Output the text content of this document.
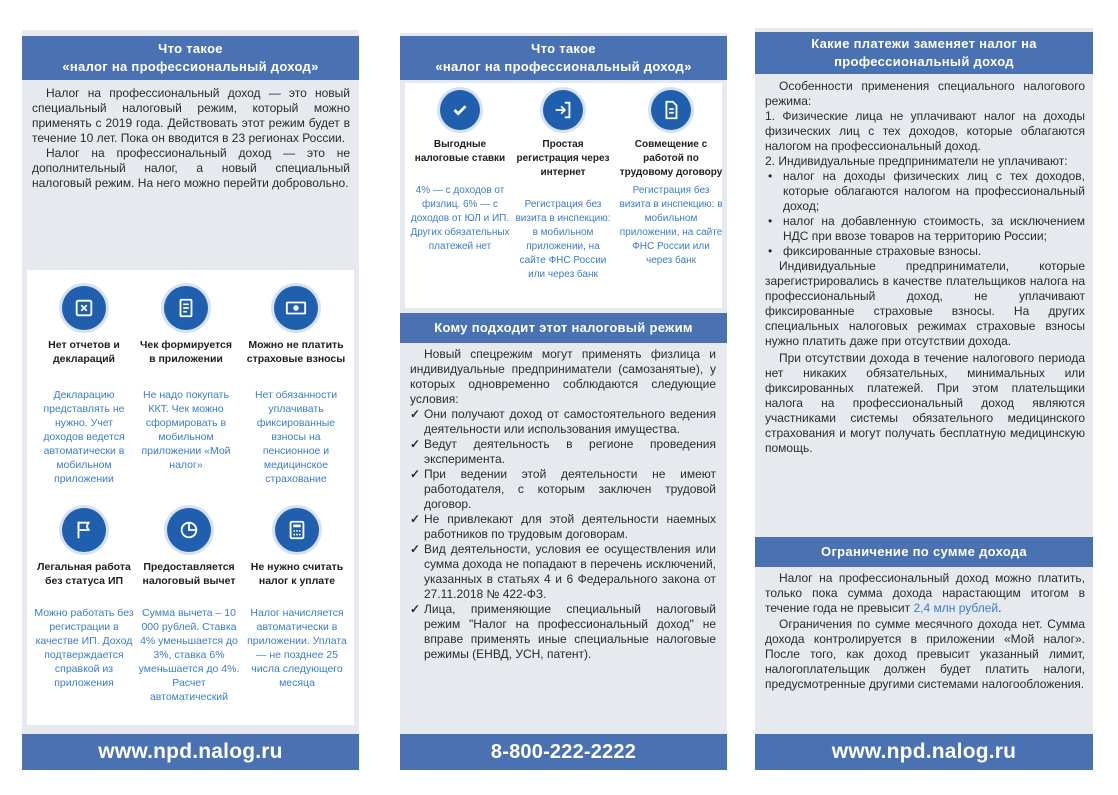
Что такое
«налог на профессиональный доход»

Налог на профессиональный доход — это новый специальный налоговый режим, который можно применять с 2019 года. Действовать этот режим будет в течение 10 лет. Пока он вводится в 23 регионах России.

Налог на профессиональный доход — это не дополнительный налог, а новый специальный налоговый режим. На него можно перейти добровольно.

Нет отчетов и деклараций
Декларацию представлять не нужно. Учет доходов ведется автоматически в мобильном приложении
Чек формируется в приложении
Не надо покупать ККТ. Чек можно сформировать в мобильном приложении «Мой налог»
Можно не платить страховые взносы
Нет обязанности уплачивать фиксированные взносы на пенсионное и медицинское страхование
Легальная работа без статуса ИП
Можно работать без регистрации в качестве ИП. Доход подтверждается справкой из приложения
Предоставляется налоговый вычет
Сумма вычета – 10 000 рублей. Ставка 4% уменьшается до 3%, ставка 6% уменьшается до 4%. Расчет автоматический
Не нужно считать налог к уплате
Налог начисляется автоматически в приложении. Уплата — не позднее 25 числа следующего месяца
www.npd.nalog.ru
Что такое
«налог на профессиональный доход»
Выгодные налоговые ставки
4% — с доходов от физлиц. 6% — с доходов от ЮЛ и ИП. Других обязательных платежей нет
Простая регистрация через интернет
Регистрация без визита в инспекцию: в мобильном приложении, на сайте ФНС России или через банк
Совмещение с работой по трудовому договору
Регистрация без визита в инспекцию: в мобильном приложении, на сайте ФНС России или через банк
Кому подходит этот налоговый режим

Новый спецрежим могут применять физлица и индивидуальные предприниматели (самозанятые), у которых одновременно соблюдаются следующие условия:

✓ Они получают доход от самостоятельного ведения деятельности или использования имущества.
✓ Ведут деятельность в регионе проведения эксперимента.
✓ При ведении этой деятельности не имеют работодателя, с которым заключен трудовой договор.
✓ Не привлекают для этой деятельности наемных работников по трудовым договорам.
✓ Вид деятельности, условия ее осуществления или сумма дохода не попадают в перечень исключений, указанных в статьях 4 и 6 Федерального закона от 27.11.2018 № 422-ФЗ.
✓ Лица, применяющие специальный налоговый режим "Налог на профессиональный доход" не вправе применять иные специальные налоговые режимы (ЕНВД, УСН, патент).
8-800-222-2222
Какие платежи заменяет налог на
профессиональный доход

Особенности применения специального налогового режима:

1. Физические лица не уплачивают налог на доходы физических лиц с тех доходов, которые облагаются налогом на профессиональный доход.

2. Индивидуальные предприниматели не уплачивают:

• налог на доходы физических лиц с тех доходов, которые облагаются налогом на профессиональный доход;
• налог на добавленную стоимость, за исключением НДС при ввозе товаров на территорию России;
• фиксированные страховые взносы.

Индивидуальные предприниматели, которые зарегистрировались в качестве плательщиков налога на профессиональный доход, не уплачивают фиксированные страховые взносы. На других специальных налоговых режимах страховые взносы нужно платить даже при отсутствии дохода.

При отсутствии дохода в течение налогового периода нет никаких обязательных, минимальных или фиксированных платежей. При этом плательщики налога на профессиональный доход являются участниками системы обязательного медицинского страхования и могут получать бесплатную медицинскую помощь.

Ограничение по сумме дохода

Налог на профессиональный доход можно платить, только пока сумма дохода нарастающим итогом в течение года не превысит 2,4 млн рублей.

Ограничения по сумме месячного дохода нет. Сумма дохода контролируется в приложении «Мой налог». После того, как доход превысит указанный лимит, налогоплательщик должен будет платить налоги, предусмотренные другими системами налогообложения.

www.npd.nalog.ru
